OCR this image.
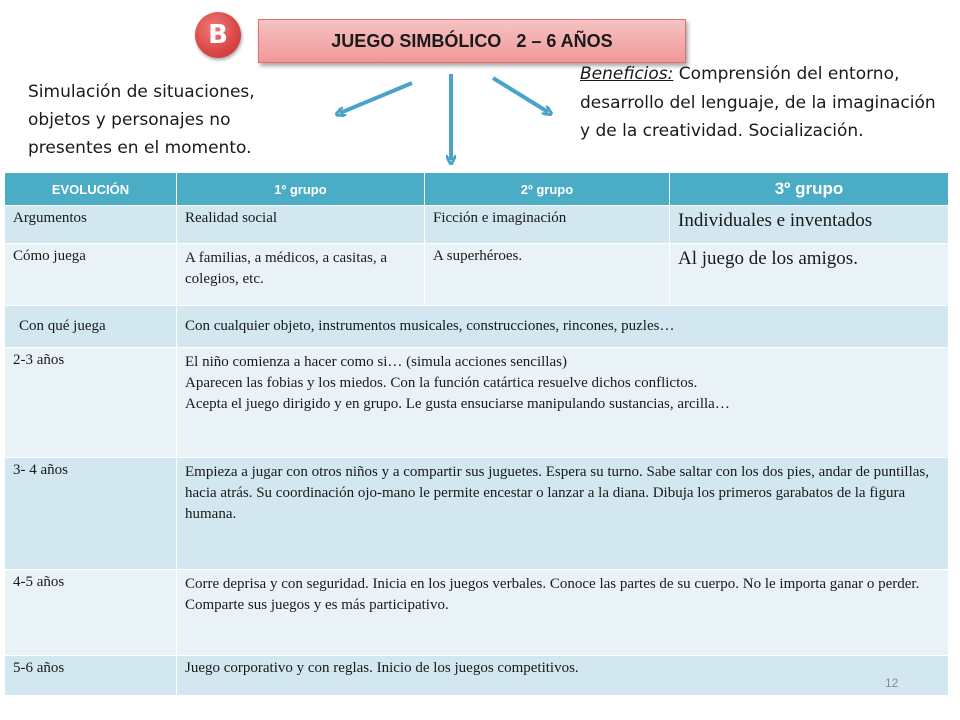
B	JUEGO SIMBÓLICO   2 – 6 AÑOS
Simulación de situaciones, objetos y personajes no presentes en el momento.
Beneficios: Comprensión del entorno, desarrollo del lenguaje, de la imaginación y de la creatividad. Socialización.
EVOLUCIÓN	1º grupo	2º grupo	3º grupo
Argumentos	Realidad social	Ficción e imaginación	Individuales e inventados
Cómo juega	A familias, a médicos, a casitas, a colegios, etc.	A superhéroes.	Al juego de los amigos.
Con qué juega	Con cualquier objeto, instrumentos musicales, construcciones, rincones, puzles…		
2-3 años	El niño comienza a hacer como si… (simula acciones sencillas)
Aparecen las fobias y los miedos. Con la función catártica resuelve dichos conflictos.
Acepta el juego dirigido y en grupo. Le gusta ensuciarse manipulando sustancias, arcilla…		

3- 4 años	Empieza a jugar con otros niños y a compartir sus juguetes. Espera su turno. Sabe saltar con los dos pies, andar de puntillas, hacia atrás. Su coordinación ojo-mano le permite encestar o lanzar a la diana. Dibuja los primeros garabatos de la figura humana.		
4-5 años	Corre deprisa y con seguridad. Inicia en los juegos verbales. Conoce las partes de su cuerpo. No le importa ganar o perder. Comparte sus juegos y es más participativo.		
5-6 años	Juego corporativo y con reglas. Inicio de los juegos competitivos.		
12
